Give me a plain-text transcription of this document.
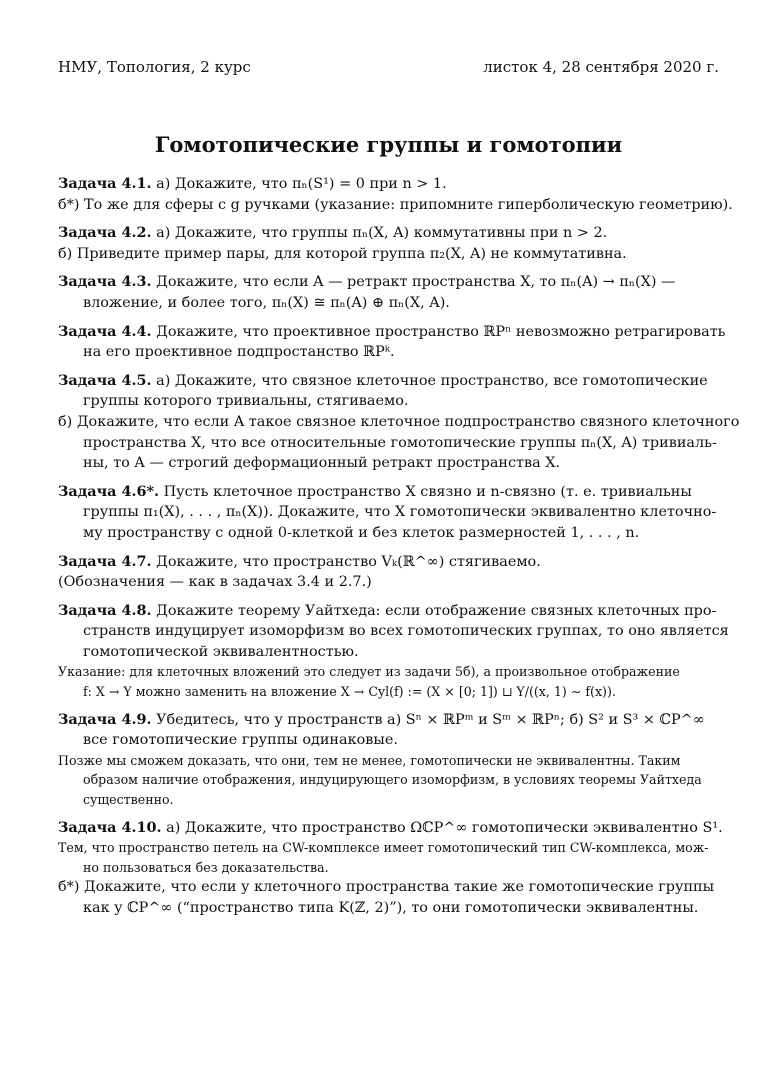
НМУ, Топология, 2 курс	листок 4, 28 сентября 2020 г.
Гомотопические группы и гомотопии
Задача 4.1. а) Докажите, что πₙ(S¹) = 0 при n > 1.
б*) То же для сферы с g ручками (указание: припомните гиперболическую геометрию).
Задача 4.2. а) Докажите, что группы πₙ(X, A) коммутативны при n > 2.
б) Приведите пример пары, для которой группа π₂(X, A) не коммутативна.
Задача 4.3. Докажите, что если A — ретракт пространства X, то πₙ(A) → πₙ(X) —
вложение, и более того, πₙ(X) ≅ πₙ(A) ⊕ πₙ(X, A).
Задача 4.4. Докажите, что проективное пространство ℝPⁿ невозможно ретрагировать
на его проективное подпростанство ℝPᵏ.
Задача 4.5. а) Докажите, что связное клеточное пространство, все гомотопические
группы которого тривиальны, стягиваемо.
б) Докажите, что если A такое связное клеточное подпространство связного клеточного
пространства X, что все относительные гомотопические группы πₙ(X, A) тривиаль-
ны, то A — строгий деформационный ретракт пространства X.
Задача 4.6*. Пусть клеточное пространство X связно и n-связно (т. е. тривиальны
группы π₁(X), . . . , πₙ(X)). Докажите, что X гомотопически эквивалентно клеточно-
му пространству с одной 0-клеткой и без клеток размерностей 1, . . . , n.
Задача 4.7. Докажите, что пространство Vₖ(ℝ^∞) стягиваемо.
(Обозначения — как в задачах 3.4 и 2.7.)
Задача 4.8. Докажите теорему Уайтхеда: если отображение связных клеточных про-
странств индуцирует изоморфизм во всех гомотопических группах, то оно является
гомотопической эквивалентностью.
Указание: для клеточных вложений это следует из задачи 5б), а произвольное отображение
f: X → Y можно заменить на вложение X → Cyl(f) := (X × [0; 1]) ⊔ Y/((x, 1) ∼ f(x)).
Задача 4.9. Убедитесь, что у пространств а) Sⁿ × ℝPᵐ и Sᵐ × ℝPⁿ; б) S² и S³ × ℂP^∞
все гомотопические группы одинаковые.
Позже мы сможем доказать, что они, тем не менее, гомотопически не эквивалентны. Таким
образом наличие отображения, индуцирующего изоморфизм, в условиях теоремы Уайтхеда
существенно.
Задача 4.10. а) Докажите, что пространство ΩℂP^∞ гомотопически эквивалентно S¹.
Тем, что пространство петель на CW-комплексе имеет гомотопический тип CW-комплекса, мож-
но пользоваться без доказательства.
б*) Докажите, что если у клеточного пространства такие же гомотопические группы
как у ℂP^∞ (“пространство типа K(ℤ, 2)”), то они гомотопически эквивалентны.
